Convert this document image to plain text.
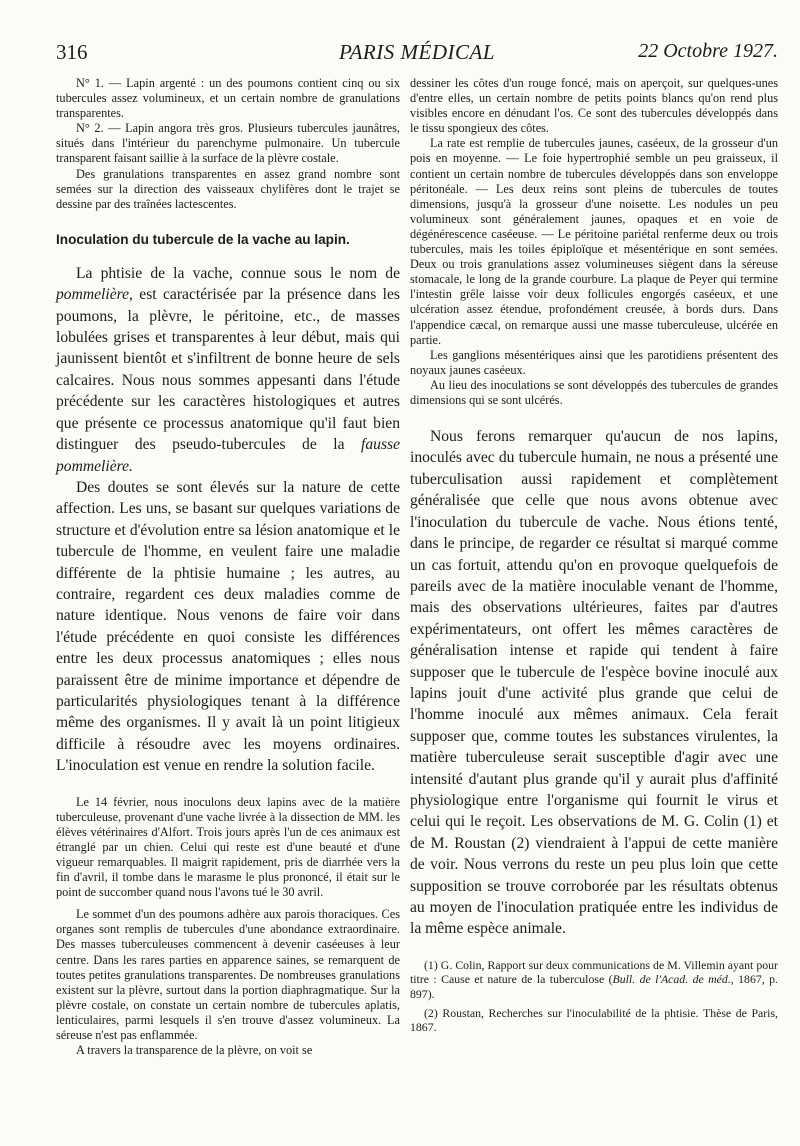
316	PARIS MÉDICAL	22 Octobre 1927.

N° 1. — Lapin argenté : un des poumons contient cinq ou six tubercules assez volumineux, et un certain nombre de granulations transparentes.

N° 2. — Lapin angora très gros. Plusieurs tubercules jaunâtres, situés dans l'intérieur du parenchyme pulmonaire. Un tubercule transparent faisant saillie à la surface de la plèvre costale.

Des granulations transparentes en assez grand nombre sont semées sur la direction des vaisseaux chylifères dont le trajet se dessine par des traînées lactescentes.

Inoculation du tubercule de la vache au lapin.

La phtisie de la vache, connue sous le nom de pommelière, est caractérisée par la présence dans les poumons, la plèvre, le péritoine, etc., de masses lobulées grises et transparentes à leur début, mais qui jaunissent bientôt et s'infiltrent de bonne heure de sels calcaires. Nous nous sommes appesanti dans l'étude précédente sur les caractères histologiques et autres que présente ce processus anatomique qu'il faut bien distinguer des pseudo-tubercules de la fausse pommelière.

Des doutes se sont élevés sur la nature de cette affection. Les uns, se basant sur quelques variations de structure et d'évolution entre sa lésion anatomique et le tubercule de l'homme, en veulent faire une maladie différente de la phtisie humaine ; les autres, au contraire, regardent ces deux maladies comme de nature identique. Nous venons de faire voir dans l'étude précédente en quoi consiste les différences entre les deux processus anatomiques ; elles nous paraissent être de minime importance et dépendre de particularités physiologiques tenant à la différence même des organismes. Il y avait là un point litigieux difficile à résoudre avec les moyens ordinaires. L'inoculation est venue en rendre la solution facile.

Le 14 février, nous inoculons deux lapins avec de la matière tuberculeuse, provenant d'une vache livrée à la dissection de MM. les élèves vétérinaires d'Alfort. Trois jours après l'un de ces animaux est étranglé par un chien. Celui qui reste est d'une beauté et d'une vigueur remarquables. Il maigrit rapidement, pris de diarrhée vers la fin d'avril, il tombe dans le marasme le plus prononcé, il était sur le point de succomber quand nous l'avons tué le 30 avril.

Le sommet d'un des poumons adhère aux parois thoraciques. Ces organes sont remplis de tubercules d'une abondance extraordinaire. Des masses tuberculeuses commencent à devenir caséeuses à leur centre. Dans les rares parties en apparence saines, se remarquent de toutes petites granulations transparentes. De nombreuses granulations existent sur la plèvre, surtout dans la portion diaphragmatique. Sur la plèvre costale, on constate un certain nombre de tubercules aplatis, lenticulaires, parmi lesquels il s'en trouve d'assez volumineux. La séreuse n'est pas enflammée.

A travers la transparence de la plèvre, on voit se

dessiner les côtes d'un rouge foncé, mais on aperçoit, sur quelques-unes d'entre elles, un certain nombre de petits points blancs qu'on rend plus visibles encore en dénudant l'os. Ce sont des tubercules développés dans le tissu spongieux des côtes.

La rate est remplie de tubercules jaunes, caséeux, de la grosseur d'un pois en moyenne. — Le foie hypertrophié semble un peu graisseux, il contient un certain nombre de tubercules développés dans son enveloppe péritonéale. — Les deux reins sont pleins de tubercules de toutes dimensions, jusqu'à la grosseur d'une noisette. Les nodules un peu volumineux sont généralement jaunes, opaques et en voie de dégénérescence caséeuse. — Le péritoine pariétal renferme deux ou trois tubercules, mais les toiles épiploïque et mésentérique en sont semées. Deux ou trois granulations assez volumineuses siègent dans la séreuse stomacale, le long de la grande courbure. La plaque de Peyer qui termine l'intestin grêle laisse voir deux follicules engorgés caséeux, et une ulcération assez étendue, profondément creusée, à bords durs. Dans l'appendice cæcal, on remarque aussi une masse tuberculeuse, ulcérée en partie.

Les ganglions mésentériques ainsi que les parotidiens présentent des noyaux jaunes caséeux.

Au lieu des inoculations se sont développés des tubercules de grandes dimensions qui se sont ulcérés.

Nous ferons remarquer qu'aucun de nos lapins, inoculés avec du tubercule humain, ne nous a présenté une tuberculisation aussi rapidement et complètement généralisée que celle que nous avons obtenue avec l'inoculation du tubercule de vache. Nous étions tenté, dans le principe, de regarder ce résultat si marqué comme un cas fortuit, attendu qu'on en provoque quelquefois de pareils avec de la matière inoculable venant de l'homme, mais des observations ultérieures, faites par d'autres expérimentateurs, ont offert les mêmes caractères de généralisation intense et rapide qui tendent à faire supposer que le tubercule de l'espèce bovine inoculé aux lapins jouit d'une activité plus grande que celui de l'homme inoculé aux mêmes animaux. Cela ferait supposer que, comme toutes les substances virulentes, la matière tuberculeuse serait susceptible d'agir avec une intensité d'autant plus grande qu'il y aurait plus d'affinité physiologique entre l'organisme qui fournit le virus et celui qui le reçoit. Les observations de M. G. Colin (1) et de M. Roustan (2) viendraient à l'appui de cette manière de voir. Nous verrons du reste un peu plus loin que cette supposition se trouve corroborée par les résultats obtenus au moyen de l'inoculation pratiquée entre les individus de la même espèce animale.

(1) G. Colin, Rapport sur deux communications de M. Villemin ayant pour titre : Cause et nature de la tuberculose (Bull. de l'Acad. de méd., 1867, p. 897).

(2) Roustan, Recherches sur l'inoculabilité de la phtisie. Thèse de Paris, 1867.
